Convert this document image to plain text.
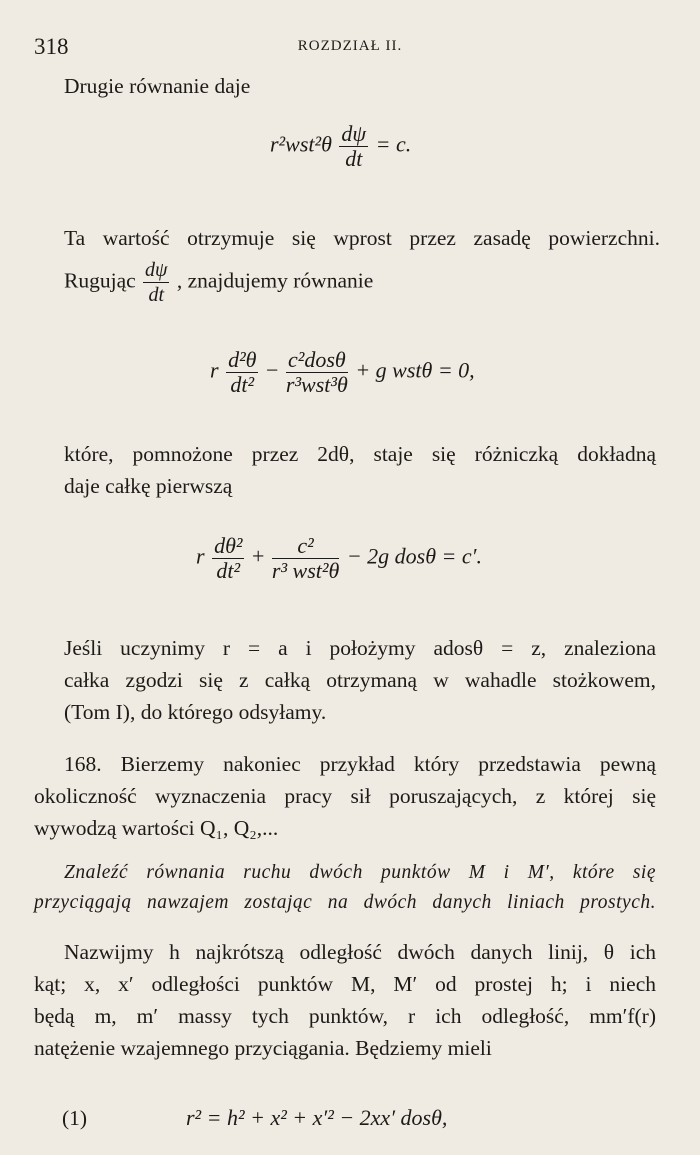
318	ROZDZIAŁ II.
Drugie równanie daje
$r^2wst^2\theta \frac{d\psi}{dt} = c$.
Ta wartość otrzymuje się wprost przez zasadę powierzchni.
Rugując $\frac{d\psi}{dt}$ , znajdujemy równanie
r $\frac{\text{d²θ}}{\text{dt²}} - \frac{\text{c²dosθ}}{\text{r³wst³θ}} + g$ wstθ = 0,
które, pomnożone przez 2dθ, staje się różniczką dokładną
daje całkę pierwszą
r $\frac{\text{dθ²}}{\text{dt²}} + \frac{\text{c²}}{\text{r³ wst²θ}} - 2g$ dosθ = c′.
Jeśli uczynimy r = a i położymy adosθ = z, znaleziona
całka zgodzi się z całką otrzymaną w wahadle stożkowem,
(Tom I), do którego odsyłamy.
168. Bierzemy nakoniec przykład który przedstawia pewną
okoliczność wyznaczenia pracy sił poruszających, z której się
wywodzą wartości Q₁, Q₂,...
Znaleźć równania ruchu dwóch punktów M i M′, które się
przyciągają nawzajem zostając na dwóch danych liniach prostych.
Nazwijmy h najkrótszą odległość dwóch danych linij, θ ich
kąt; x, x′ odległości punktów M, M′ od prostej h; i niech
będą m, m′ massy tych punktów, r ich odległość, mm′f(r)
natężenie wzajemnego przyciągania. Będziemy mieli
(1)	r² = h² + x² + x′² − 2xx′ dosθ,
